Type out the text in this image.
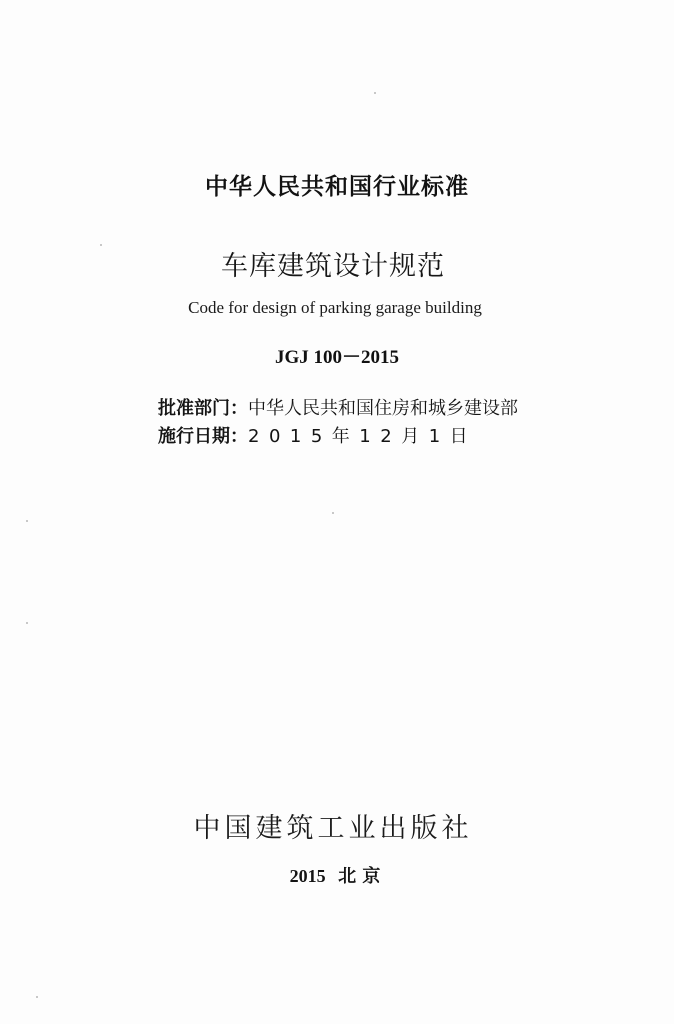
中华人民共和国行业标准
车库建筑设计规范
Code for design of parking garage building
JGJ 100－2015
批准部门：中华人民共和国住房和城乡建设部
施行日期：2015年12月1日
中国建筑工业出版社
2015 北 京
